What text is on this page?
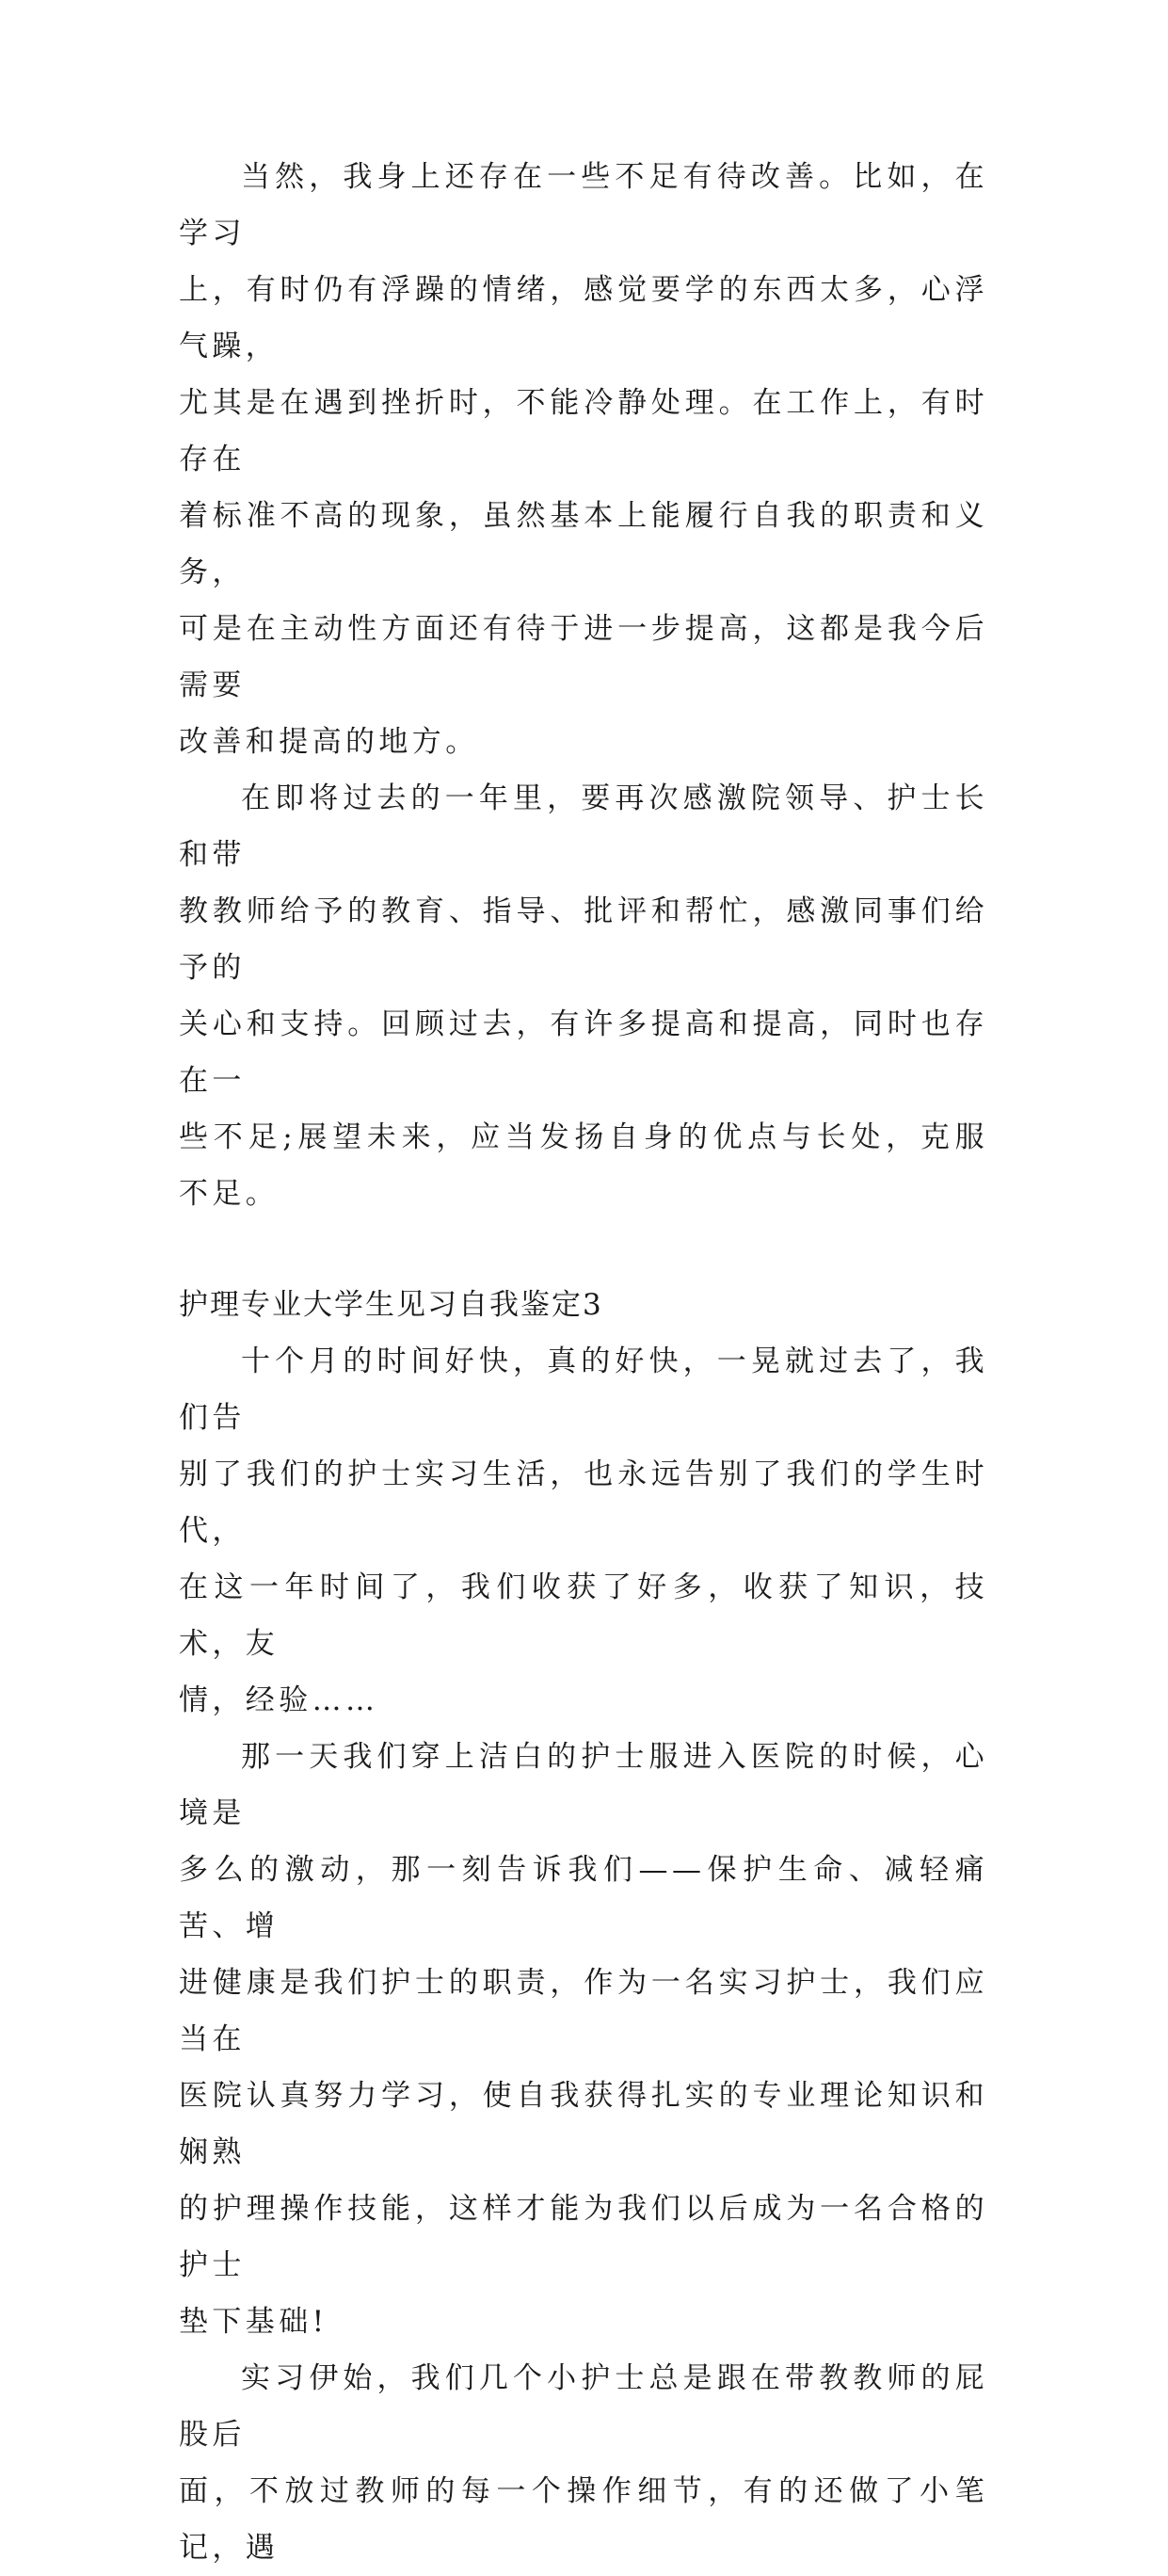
当然，我身上还存在一些不足有待改善。比如，在学习
上，有时仍有浮躁的情绪，感觉要学的东西太多，心浮气躁，
尤其是在遇到挫折时，不能冷静处理。在工作上，有时存在
着标准不高的现象，虽然基本上能履行自我的职责和义务，
可是在主动性方面还有待于进一步提高，这都是我今后需要
改善和提高的地方。

在即将过去的一年里，要再次感激院领导、护士长和带
教教师给予的教育、指导、批评和帮忙，感激同事们给予的
关心和支持。回顾过去，有许多提高和提高，同时也存在一
些不足;展望未来，应当发扬自身的优点与长处，克服不足。

护理专业大学生见习自我鉴定3

十个月的时间好快，真的好快，一晃就过去了，我们告
别了我们的护士实习生活，也永远告别了我们的学生时代，
在这一年时间了，我们收获了好多，收获了知识，技术，友
情，经验……

那一天我们穿上洁白的护士服进入医院的时候，心境是
多么的激动，那一刻告诉我们——保护生命、减轻痛苦、增
进健康是我们护士的职责，作为一名实习护士，我们应当在
医院认真努力学习，使自我获得扎实的专业理论知识和娴熟
的护理操作技能，这样才能为我们以后成为一名合格的护士
垫下基础!

实习伊始，我们几个小护士总是跟在带教教师的屁股后
面，不放过教师的每一个操作细节，有的还做了小笔记，遇
